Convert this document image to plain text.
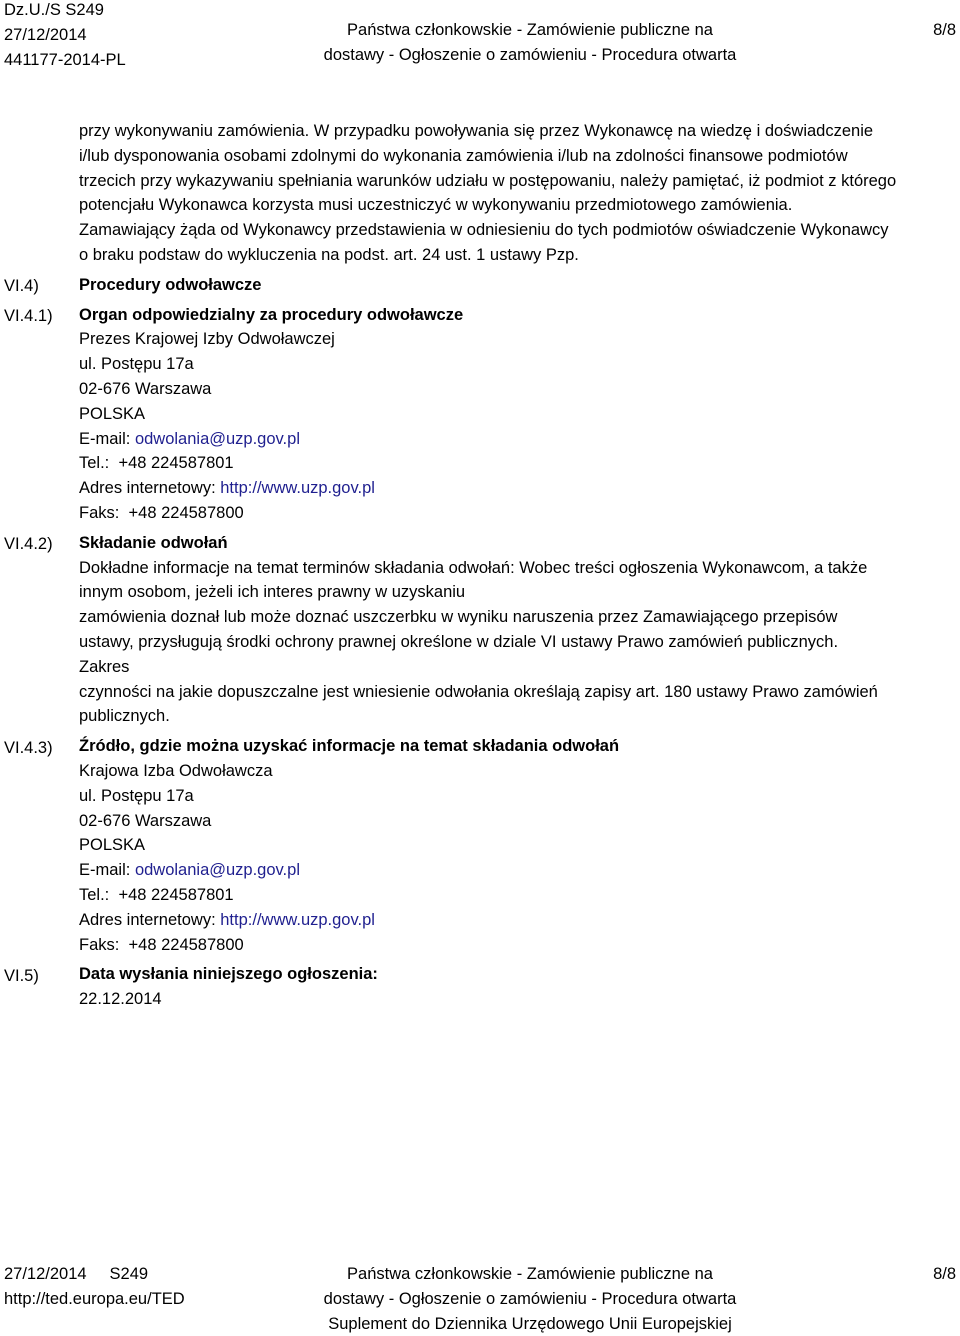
Dz.U./S S249
27/12/2014
441177-2014-PL
Państwa członkowskie - Zamówienie publiczne na
dostawy - Ogłoszenie o zamówieniu - Procedura otwarta
8/8
VI.4)
VI.4.1)
VI.4.2)
VI.4.3)
VI.5)
przy wykonywaniu zamówienia. W przypadku powoływania się przez Wykonawcę na wiedzę i doświadczenie
i/lub dysponowania osobami zdolnymi do wykonania zamówienia i/lub na zdolności finansowe podmiotów
trzecich przy wykazywaniu spełniania warunków udziału w postępowaniu, należy pamiętać, iż podmiot z którego
potencjału Wykonawca korzysta musi uczestniczyć w wykonywaniu przedmiotowego zamówienia.
Zamawiający żąda od Wykonawcy przedstawienia w odniesieniu do tych podmiotów oświadczenie Wykonawcy
o braku podstaw do wykluczenia na podst. art. 24 ust. 1 ustawy Pzp.
Procedury odwoławcze
Organ odpowiedzialny za procedury odwoławcze
Prezes Krajowej Izby Odwoławczej
ul. Postępu 17a
02-676 Warszawa
POLSKA
E-mail: odwolania@uzp.gov.pl
Tel.: +48 224587801
Adres internetowy: http://www.uzp.gov.pl
Faks: +48 224587800
Składanie odwołań
Dokładne informacje na temat terminów składania odwołań: Wobec treści ogłoszenia Wykonawcom, a także
innym osobom, jeżeli ich interes prawny w uzyskaniu
zamówienia doznał lub może doznać uszczerbku w wyniku naruszenia przez Zamawiającego przepisów
ustawy, przysługują środki ochrony prawnej określone w dziale VI ustawy Prawo zamówień publicznych.
Zakres
czynności na jakie dopuszczalne jest wniesienie odwołania określają zapisy art. 180 ustawy Prawo zamówień
publicznych.
Źródło, gdzie można uzyskać informacje na temat składania odwołań
Krajowa Izba Odwoławcza
ul. Postępu 17a
02-676 Warszawa
POLSKA
E-mail: odwolania@uzp.gov.pl
Tel.: +48 224587801
Adres internetowy: http://www.uzp.gov.pl
Faks: +48 224587800
Data wysłania niniejszego ogłoszenia:
22.12.2014
27/12/2014 S249
http://ted.europa.eu/TED
Państwa członkowskie - Zamówienie publiczne na
dostawy - Ogłoszenie o zamówieniu - Procedura otwarta
Suplement do Dziennika Urzędowego Unii Europejskiej
8/8
